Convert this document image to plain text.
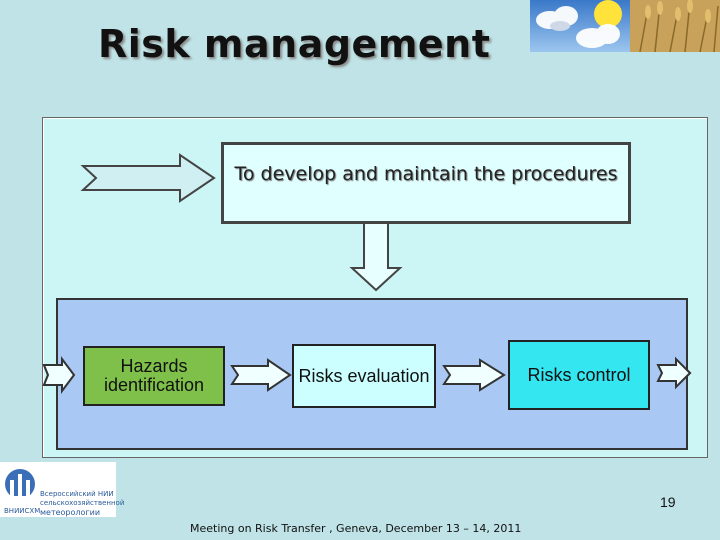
Risk management
To develop and maintain the procedures
Hazards identification	Risks evaluation	Risks control
Всероссийский НИИ
сельскохозяйственной
метеорологии
ВНИИСХМ
19
Meeting on Risk Transfer , Geneva, December 13 – 14, 2011
